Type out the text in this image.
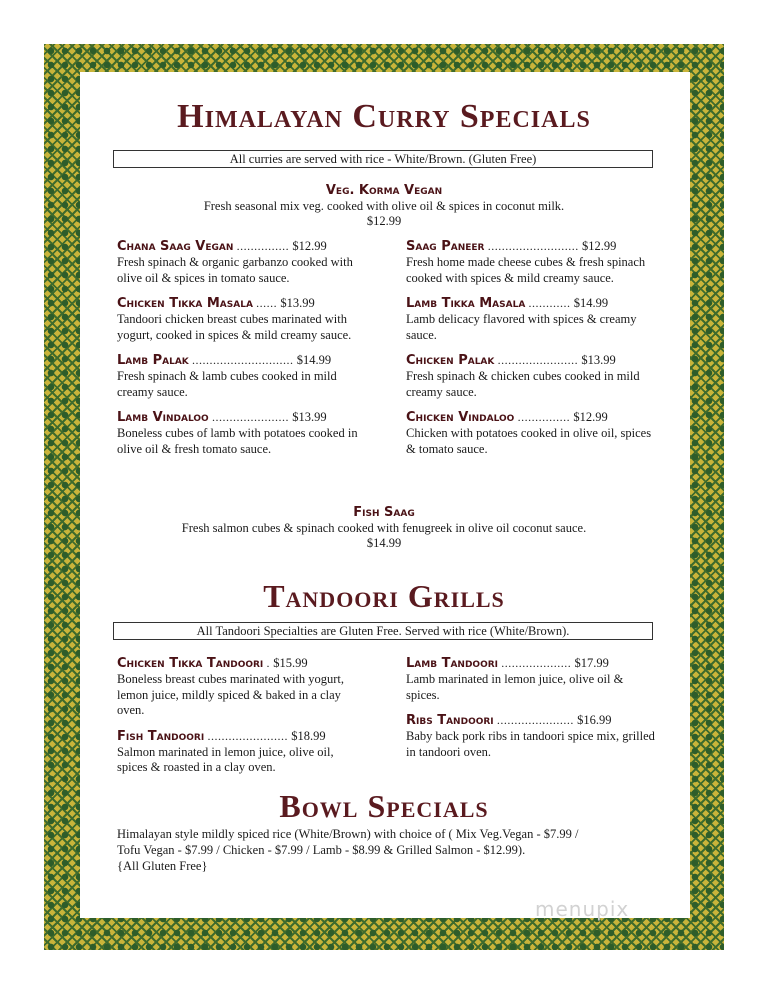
Himalayan Curry Specials
All curries are served with rice - White/Brown. (Gluten Free)
Veg. Korma Vegan
Fresh seasonal mix veg. cooked with olive oil & spices in coconut milk.
$12.99
Chana Saag Vegan ............... $12.99
Fresh spinach & organic garbanzo cooked with olive oil & spices in tomato sauce.
Chicken Tikka Masala ...... $13.99
Tandoori chicken breast cubes marinated with yogurt, cooked in spices & mild creamy sauce.
Lamb Palak ............................. $14.99
Fresh spinach & lamb cubes cooked in mild creamy sauce.
Lamb Vindaloo ...................... $13.99
Boneless cubes of lamb with potatoes cooked in olive oil & fresh tomato sauce.
Saag Paneer .......................... $12.99
Fresh home made cheese cubes & fresh spinach cooked with spices & mild creamy sauce.
Lamb Tikka Masala ............ $14.99
Lamb delicacy flavored with spices & creamy sauce.
Chicken Palak ....................... $13.99
Fresh spinach & chicken cubes cooked in mild creamy sauce.
Chicken Vindaloo ............... $12.99
Chicken with potatoes cooked in olive oil, spices & tomato sauce.
Fish Saag
Fresh salmon cubes & spinach cooked with fenugreek in olive oil coconut sauce.
$14.99
Tandoori Grills
All Tandoori Specialties are Gluten Free. Served with rice (White/Brown).
Chicken Tikka Tandoori . $15.99
Boneless breast cubes marinated with yogurt, lemon juice, mildly spiced & baked in a clay oven.
Fish Tandoori ....................... $18.99
Salmon marinated in lemon juice, olive oil, spices & roasted in a clay oven.
Lamb Tandoori .................... $17.99
Lamb marinated in lemon juice, olive oil & spices.
Ribs Tandoori ...................... $16.99
Baby back pork ribs in tandoori spice mix, grilled in tandoori oven.
Bowl Specials
Himalayan style mildly spiced rice (White/Brown) with choice of ( Mix Veg.Vegan - $7.99 /
Tofu Vegan - $7.99 / Chicken - $7.99 / Lamb - $8.99 & Grilled Salmon - $12.99).
{All Gluten Free}
menupix
